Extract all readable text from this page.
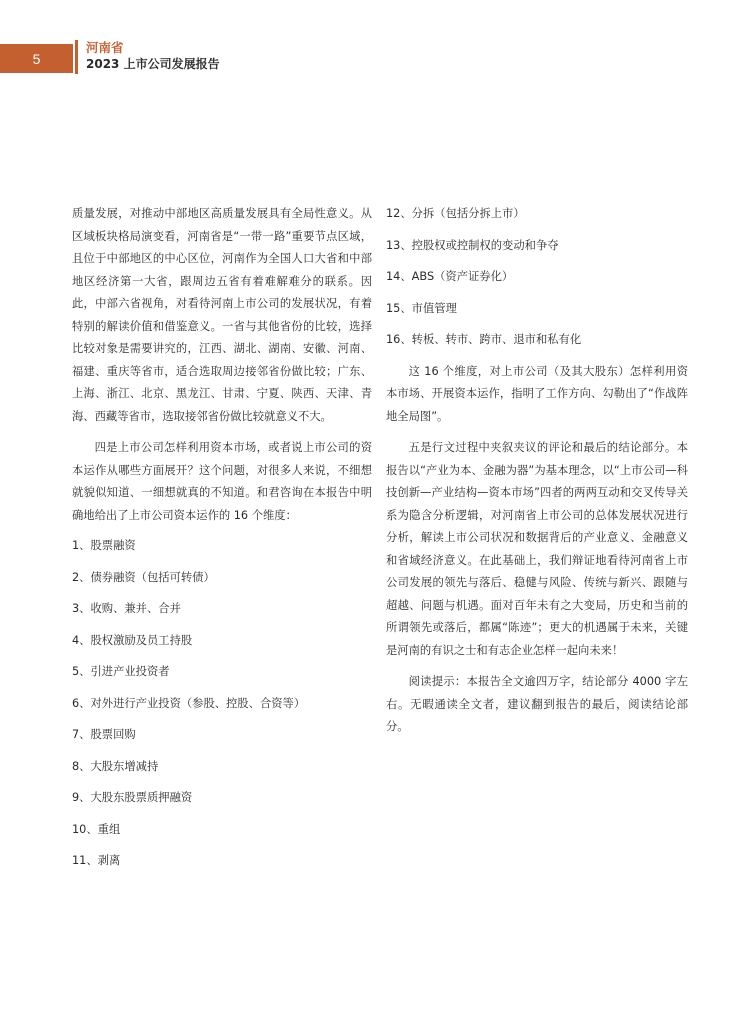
5
河南省
2023 上市公司发展报告

质量发展，对推动中部地区高质量发展具有全局性意义。从区域板块格局演变看，河南省是“一带一路”重要节点区域，且位于中部地区的中心区位，河南作为全国人口大省和中部地区经济第一大省，跟周边五省有着难解难分的联系。因此，中部六省视角，对看待河南上市公司的发展状况，有着特别的解读价值和借鉴意义。一省与其他省份的比较，选择比较对象是需要讲究的，江西、湖北、湖南、安徽、河南、福建、重庆等省市，适合选取周边接邻省份做比较；广东、上海、浙江、北京、黑龙江、甘肃、宁夏、陕西、天津、青海、西藏等省市，选取接邻省份做比较就意义不大。

四是上市公司怎样利用资本市场，或者说上市公司的资本运作从哪些方面展开？这个问题，对很多人来说，不细想就貌似知道、一细想就真的不知道。和君咨询在本报告中明确地给出了上市公司资本运作的 16 个维度：

1、股票融资
2、债券融资（包括可转债）
3、收购、兼并、合并
4、股权激励及员工持股
5、引进产业投资者
6、对外进行产业投资（参股、控股、合资等）
7、股票回购
8、大股东增减持
9、大股东股票质押融资
10、重组
11、剥离
12、分拆（包括分拆上市）
13、控股权或控制权的变动和争夺
14、ABS（资产证券化）
15、市值管理
16、转板、转市、跨市、退市和私有化

这 16 个维度，对上市公司（及其大股东）怎样利用资本市场、开展资本运作，指明了工作方向、勾勒出了“作战阵地全局图”。

五是行文过程中夹叙夹议的评论和最后的结论部分。本报告以“产业为本、金融为器”为基本理念，以“上市公司—科技创新—产业结构—资本市场”四者的两两互动和交叉传导关系为隐含分析逻辑，对河南省上市公司的总体发展状况进行分析，解读上市公司状况和数据背后的产业意义、金融意义和省域经济意义。在此基础上，我们辩证地看待河南省上市公司发展的领先与落后、稳健与风险、传统与新兴、跟随与超越、问题与机遇。面对百年未有之大变局，历史和当前的所谓领先或落后，都属“陈迹”；更大的机遇属于未来，关键是河南的有识之士和有志企业怎样一起向未来！

阅读提示：本报告全文逾四万字，结论部分 4000 字左右。无暇通读全文者，建议翻到报告的最后，阅读结论部分。
